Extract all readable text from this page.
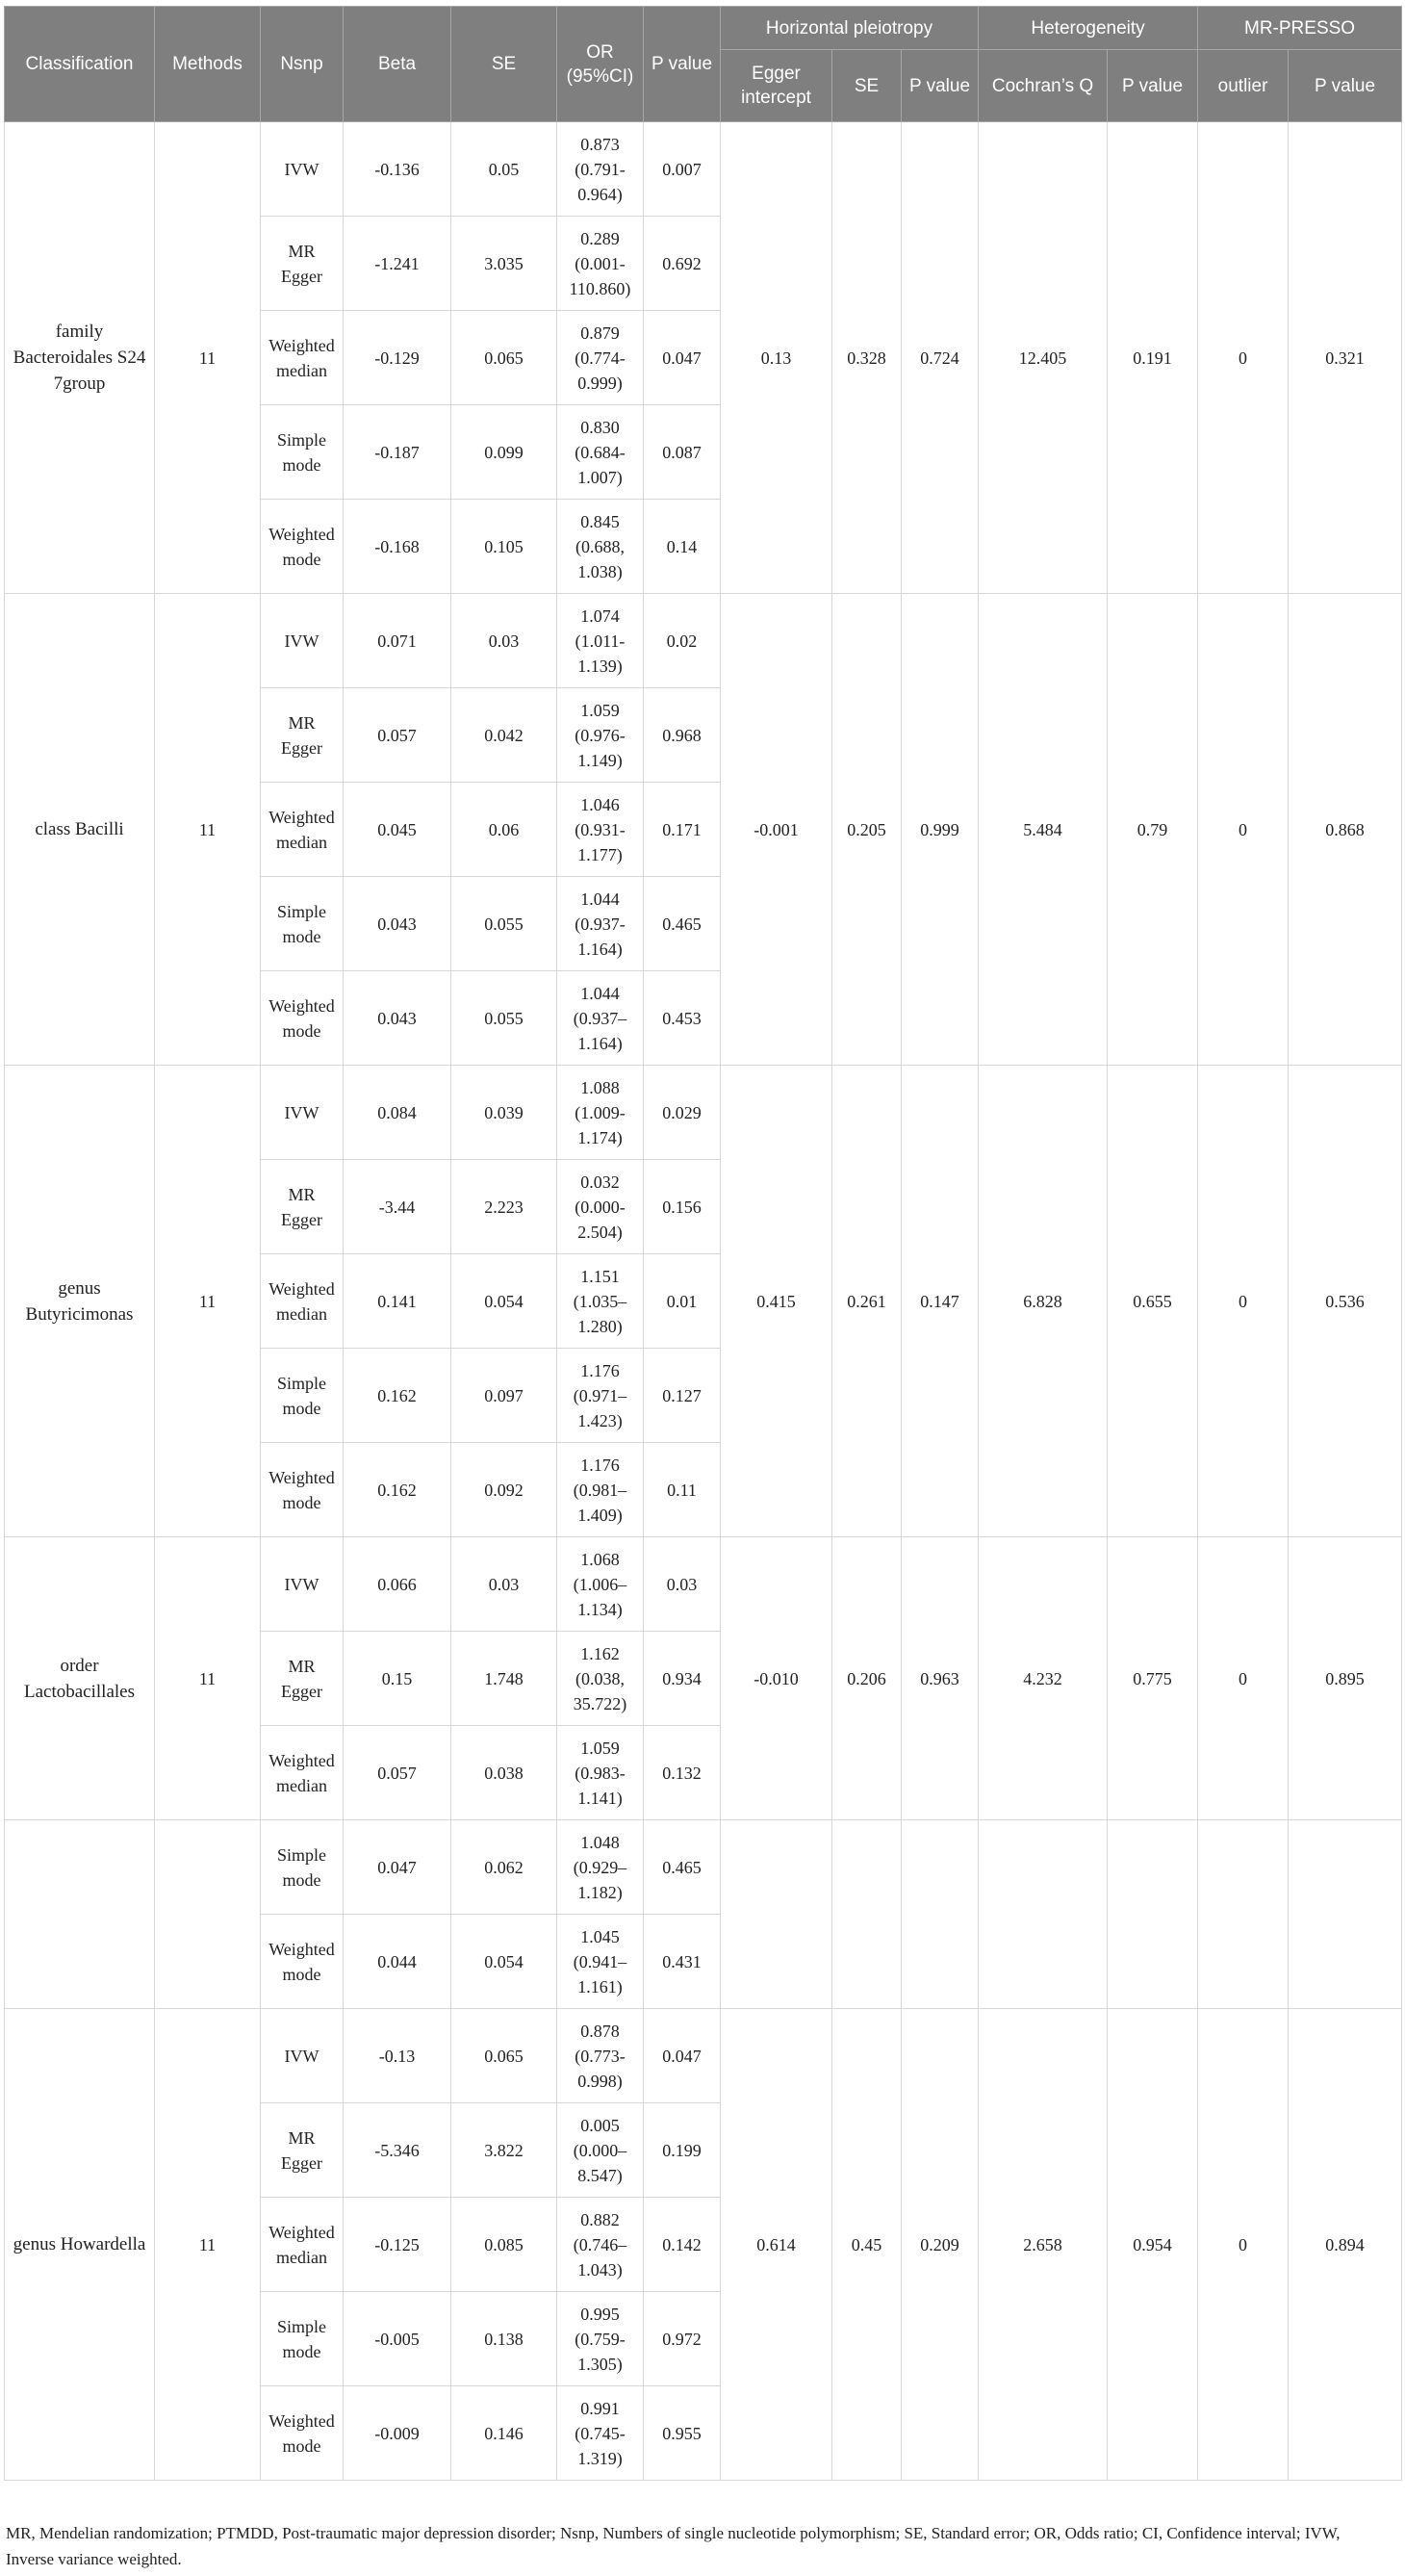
Classification	Methods	Nsnp	Beta	SE	OR (95%CI)	P value	Horizontal pleiotropy			Heterogeneity		MR-PRESSO	
							Egger intercept	SE	P value	Cochran’s Q	P value	outlier	P value
family Bacteroidales S24 7group	11	IVW	-0.136	0.05	0.873 (0.791-0.964)	0.007	0.13	0.328	0.724	12.405	0.191	0	0.321
		MR Egger	-1.241	3.035	0.289 (0.001-110.860)	0.692							
		Weighted median	-0.129	0.065	0.879 (0.774-0.999)	0.047							
		Simple mode	-0.187	0.099	0.830 (0.684-1.007)	0.087							
		Weighted mode	-0.168	0.105	0.845 (0.688, 1.038)	0.14							
class Bacilli	11	IVW	0.071	0.03	1.074 (1.011-1.139)	0.02	-0.001	0.205	0.999	5.484	0.79	0	0.868
		MR Egger	0.057	0.042	1.059 (0.976-1.149)	0.968							
		Weighted median	0.045	0.06	1.046 (0.931-1.177)	0.171							
		Simple mode	0.043	0.055	1.044 (0.937-1.164)	0.465							
		Weighted mode	0.043	0.055	1.044 (0.937–1.164)	0.453							
genus Butyricimonas	11	IVW	0.084	0.039	1.088 (1.009-1.174)	0.029	0.415	0.261	0.147	6.828	0.655	0	0.536
		MR Egger	-3.44	2.223	0.032 (0.000-2.504)	0.156							
		Weighted median	0.141	0.054	1.151 (1.035–1.280)	0.01							
		Simple mode	0.162	0.097	1.176 (0.971–1.423)	0.127							
		Weighted mode	0.162	0.092	1.176 (0.981–1.409)	0.11							
order Lactobacillales	11	IVW	0.066	0.03	1.068 (1.006–1.134)	0.03	-0.010	0.206	0.963	4.232	0.775	0	0.895
		MR Egger	0.15	1.748	1.162 (0.038, 35.722)	0.934							
		Weighted median	0.057	0.038	1.059 (0.983-1.141)	0.132							
		Simple mode	0.047	0.062	1.048 (0.929–1.182)	0.465							
		Weighted mode	0.044	0.054	1.045 (0.941–1.161)	0.431							
genus Howardella	11	IVW	-0.13	0.065	0.878 (0.773-0.998)	0.047	0.614	0.45	0.209	2.658	0.954	0	0.894
		MR Egger	-5.346	3.822	0.005 (0.000–8.547)	0.199							
		Weighted median	-0.125	0.085	0.882 (0.746–1.043)	0.142							
		Simple mode	-0.005	0.138	0.995 (0.759-1.305)	0.972							
		Weighted mode	-0.009	0.146	0.991 (0.745-1.319)	0.955							
MR, Mendelian randomization; PTMDD, Post-traumatic major depression disorder; Nsnp, Numbers of single nucleotide polymorphism; SE, Standard error; OR, Odds ratio; CI, Confidence interval; IVW, Inverse variance weighted.
